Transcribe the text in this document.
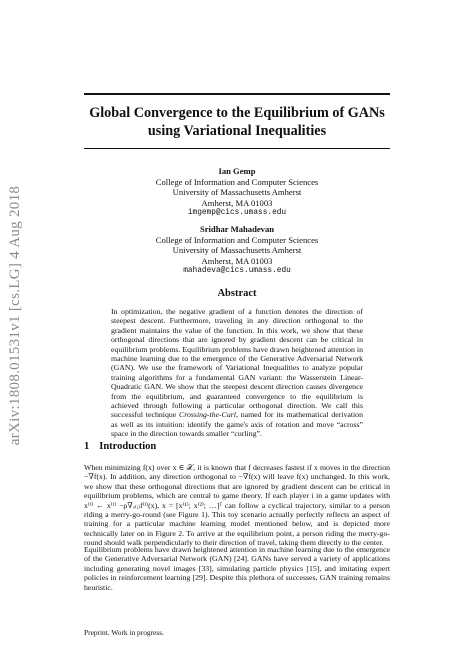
arXiv:1808.01531v1 [cs.LG] 4 Aug 2018
Global Convergence to the Equilibrium of GANs
using Variational Inequalities
Ian Gemp
College of Information and Computer Sciences
University of Massachusetts Amherst
Amherst, MA 01003
imgemp@cics.umass.edu
Sridhar Mahadevan
College of Information and Computer Sciences
University of Massachusetts Amherst
Amherst, MA 01003
mahadeva@cics.umass.edu
Abstract
In optimization, the negative gradient of a function denotes the direction of steepest descent. Furthermore, traveling in any direction orthogonal to the gradient maintains the value of the function. In this work, we show that these orthogonal directions that are ignored by gradient descent can be critical in equilibrium problems. Equilibrium problems have drawn heightened attention in machine learning due to the emergence of the Generative Adversarial Network (GAN). We use the framework of Variational Inequalities to analyze popular training algorithms for a fundamental GAN variant: the Wasserstein Linear-Quadratic GAN. We show that the steepest descent direction causes divergence from the equilibrium, and guaranteed convergence to the equilibrium is achieved through following a particular orthogonal direction. We call this successful technique Crossing-the-Curl, named for its mathematical derivation as well as its intuition: identify the game's axis of rotation and move “across” space in the direction towards smaller “curling”.
1 Introduction
When minimizing f(x) over x ∈ 𝒳, it is known that f decreases fastest if x moves in the direction −∇f(x). In addition, any direction orthogonal to −∇f(x) will leave f(x) unchanged. In this work, we show that these orthogonal directions that are ignored by gradient descent can be critical in equilibrium problems, which are central to game theory. If each player i in a game updates with x⁽ⁱ⁾ ← x⁽ⁱ⁾ −ρ∇ₓ₍ᵢ₎f⁽ⁱ⁾(x), x = [x⁽¹⁾; x⁽²⁾; …]ᵀ can follow a cyclical trajectory, similar to a person riding a merry-go-round (see Figure 1). This toy scenario actually perfectly reflects an aspect of training for a particular machine learning model mentioned below, and is depicted more technically later on in Figure 2. To arrive at the equilibrium point, a person riding the merry-go-round should walk perpendicularly to their direction of travel, taking them directly to the center.
Equilibrium problems have drawn heightened attention in machine learning due to the emergence of the Generative Adversarial Network (GAN) [24]. GANs have served a variety of applications including generating novel images [33], simulating particle physics [15], and imitating expert policies in reinforcement learning [29]. Despite this plethora of successes, GAN training remains heuristic.
Preprint. Work in progress.
